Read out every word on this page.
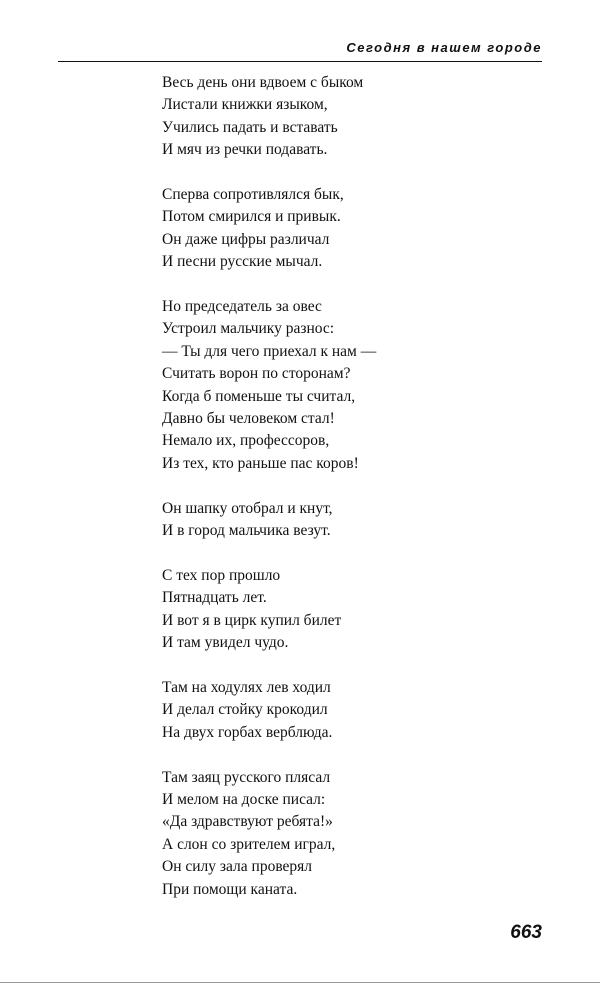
Сегодня в нашем городе
Весь день они вдвоем с быком
Листали книжки языком,
Учились падать и вставать
И мяч из речки подавать.
Сперва сопротивлялся бык,
Потом смирился и привык.
Он даже цифры различал
И песни русские мычал.
Но председатель за овес
Устроил мальчику разнос:
— Ты для чего приехал к нам —
Считать ворон по сторонам?
Когда б поменьше ты считал,
Давно бы человеком стал!
Немало их, профессоров,
Из тех, кто раньше пас коров!
Он шапку отобрал и кнут,
И в город мальчика везут.
С тех пор прошло
Пятнадцать лет.
И вот я в цирк купил билет
И там увидел чудо.
Там на ходулях лев ходил
И делал стойку крокодил
На двух горбах верблюда.
Там заяц русского плясал
И мелом на доске писал:
«Да здравствуют ребята!»
А слон со зрителем играл,
Он силу зала проверял
При помощи каната.
663
